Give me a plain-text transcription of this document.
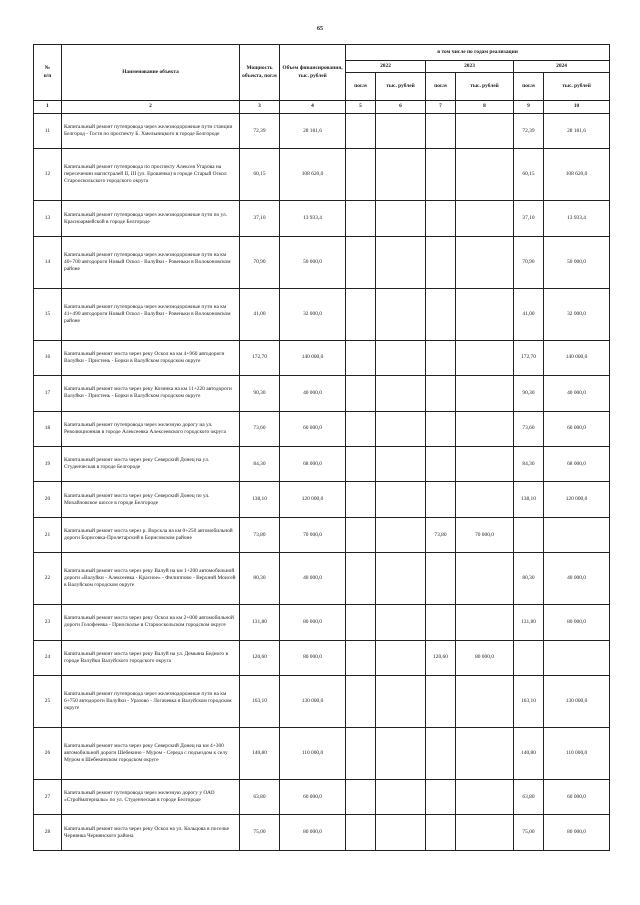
65
№
п/п	Наименование объекта	Мощность объекта, пог.м	Объем финансирования, тыс. рублей	в том числе по годам реализации					
				2022		2023		2024	
				пог.м	тыс. рублей	пог.м	тыс. рублей	пог.м	тыс. рублей
1	2	3	4	5	6	7	8	9	10
11	Капитальный ремонт путепровода через железнодорожные пути станции Белгород - Гостя по проспекту Б. Хмельницкого в городе Белгороде	72,39	28 181,6					72,39	28 181,6
12	Капитальный ремонт путепровода по проспекту Алексея Угарова на пересечении магистралей II, III (ул. Ерошенко) в городе Старый Оскол Старооскольского городского округа	60,15	108 620,0					60,15	108 620,0
13	Капитальный ремонт путепровода через железнодорожные пути по ул. Красноармейской в городе Белгороде	37,10	13 933,4					37,10	13 933,4
14	Капитальный ремонт путепровода через железнодорожные пути на км 40+700 автодороги Новый Оскол - Валуйки - Ровеньки в Волоконовском районе	70,90	50 000,0					70,90	50 000,0
15	Капитальный ремонт путепровода через железнодорожные пути на км 41+490 автодороги Новый Оскол - Валуйки - Ровеньки в Волоконовском районе	41,00	32 000,0					41,00	32 000,0
16	Капитальный ремонт моста через реку Оскол на км 4+960 автодороги Валуйки - Пристень - Борки в Валуйском городском округе	172,70	140 000,0					172,70	140 000,0
17	Капитальный ремонт моста через реку Козинка на км 11+220 автодороги Валуйки - Пристень - Борки в Валуйском городском округе	90,30	40 000,0					90,30	40 000,0
18	Капитальный ремонт путепровода через железную дорогу на ул. Революционная в городе Алексеевка Алексеевского городского округа	73,60	60 000,0					73,60	60 000,0
19	Капитальный ремонт моста через реку Северский Донец на ул. Студенческая в городе Белгороде	84,30	68 000,0					84,30	68 000,0
20	Капитальный ремонт моста через реку Северский Донец по ул. Михайловское шоссе в городе Белгороде	138,10	120 000,0					138,10	120 000,0
21	Капитальный ремонт моста через р. Ворскла на км 0+250 автомобильной дороги Борисовка-Пролетарский в Борисовском районе	73,80	70 000,0			73,80	70 000,0		
22	Капитальный ремонт моста через реку Валуй на км 1+200 автомобильной дороги «Валуйки - Алексеевка - Красное» - Филиппово - Верхний Моисей в Валуйском городском округе	80,30	40 000,0					80,30	40 000,0
23	Капитальный ремонт моста через реку Оскол на км 2+000 автомобильной дороги Голофеевка - Приосколье в Старооскольском городском округе	131,80	80 000,0					131,80	80 000,0
24	Капитальный ремонт моста через реку Валуй на ул. Демьяна Бедного в городе Валуйки Валуйского городского округа	120,60	80 000,0			120,60	80 000,0		
25	Капитальный ремонт путепровода через железнодорожные пути на км 6+750 автодороги Валуйки - Уразово - Логачевка в Валуйском городском округе	163,10	130 000,0					163,10	130 000,0
26	Капитальный ремонт моста через реку Северский Донец на км 4+300 автомобильной дороги Шебекино - Муром - Середа с подъездом к селу Муром в Шебекинском городском округе	140,80	110 000,0					140,80	110 000,0
27	Капитальный ремонт путепровода через железную дорогу у ОАО «Стройматериалы» по ул. Студенческая в городе Белгороде	63,80	60 000,0					63,80	60 000,0
28	Капитальный ремонт моста через реку Оскол на ул. Кольцова в поселке Чернянка Чернянского района	75,00	80 000,0					75,00	80 000,0
